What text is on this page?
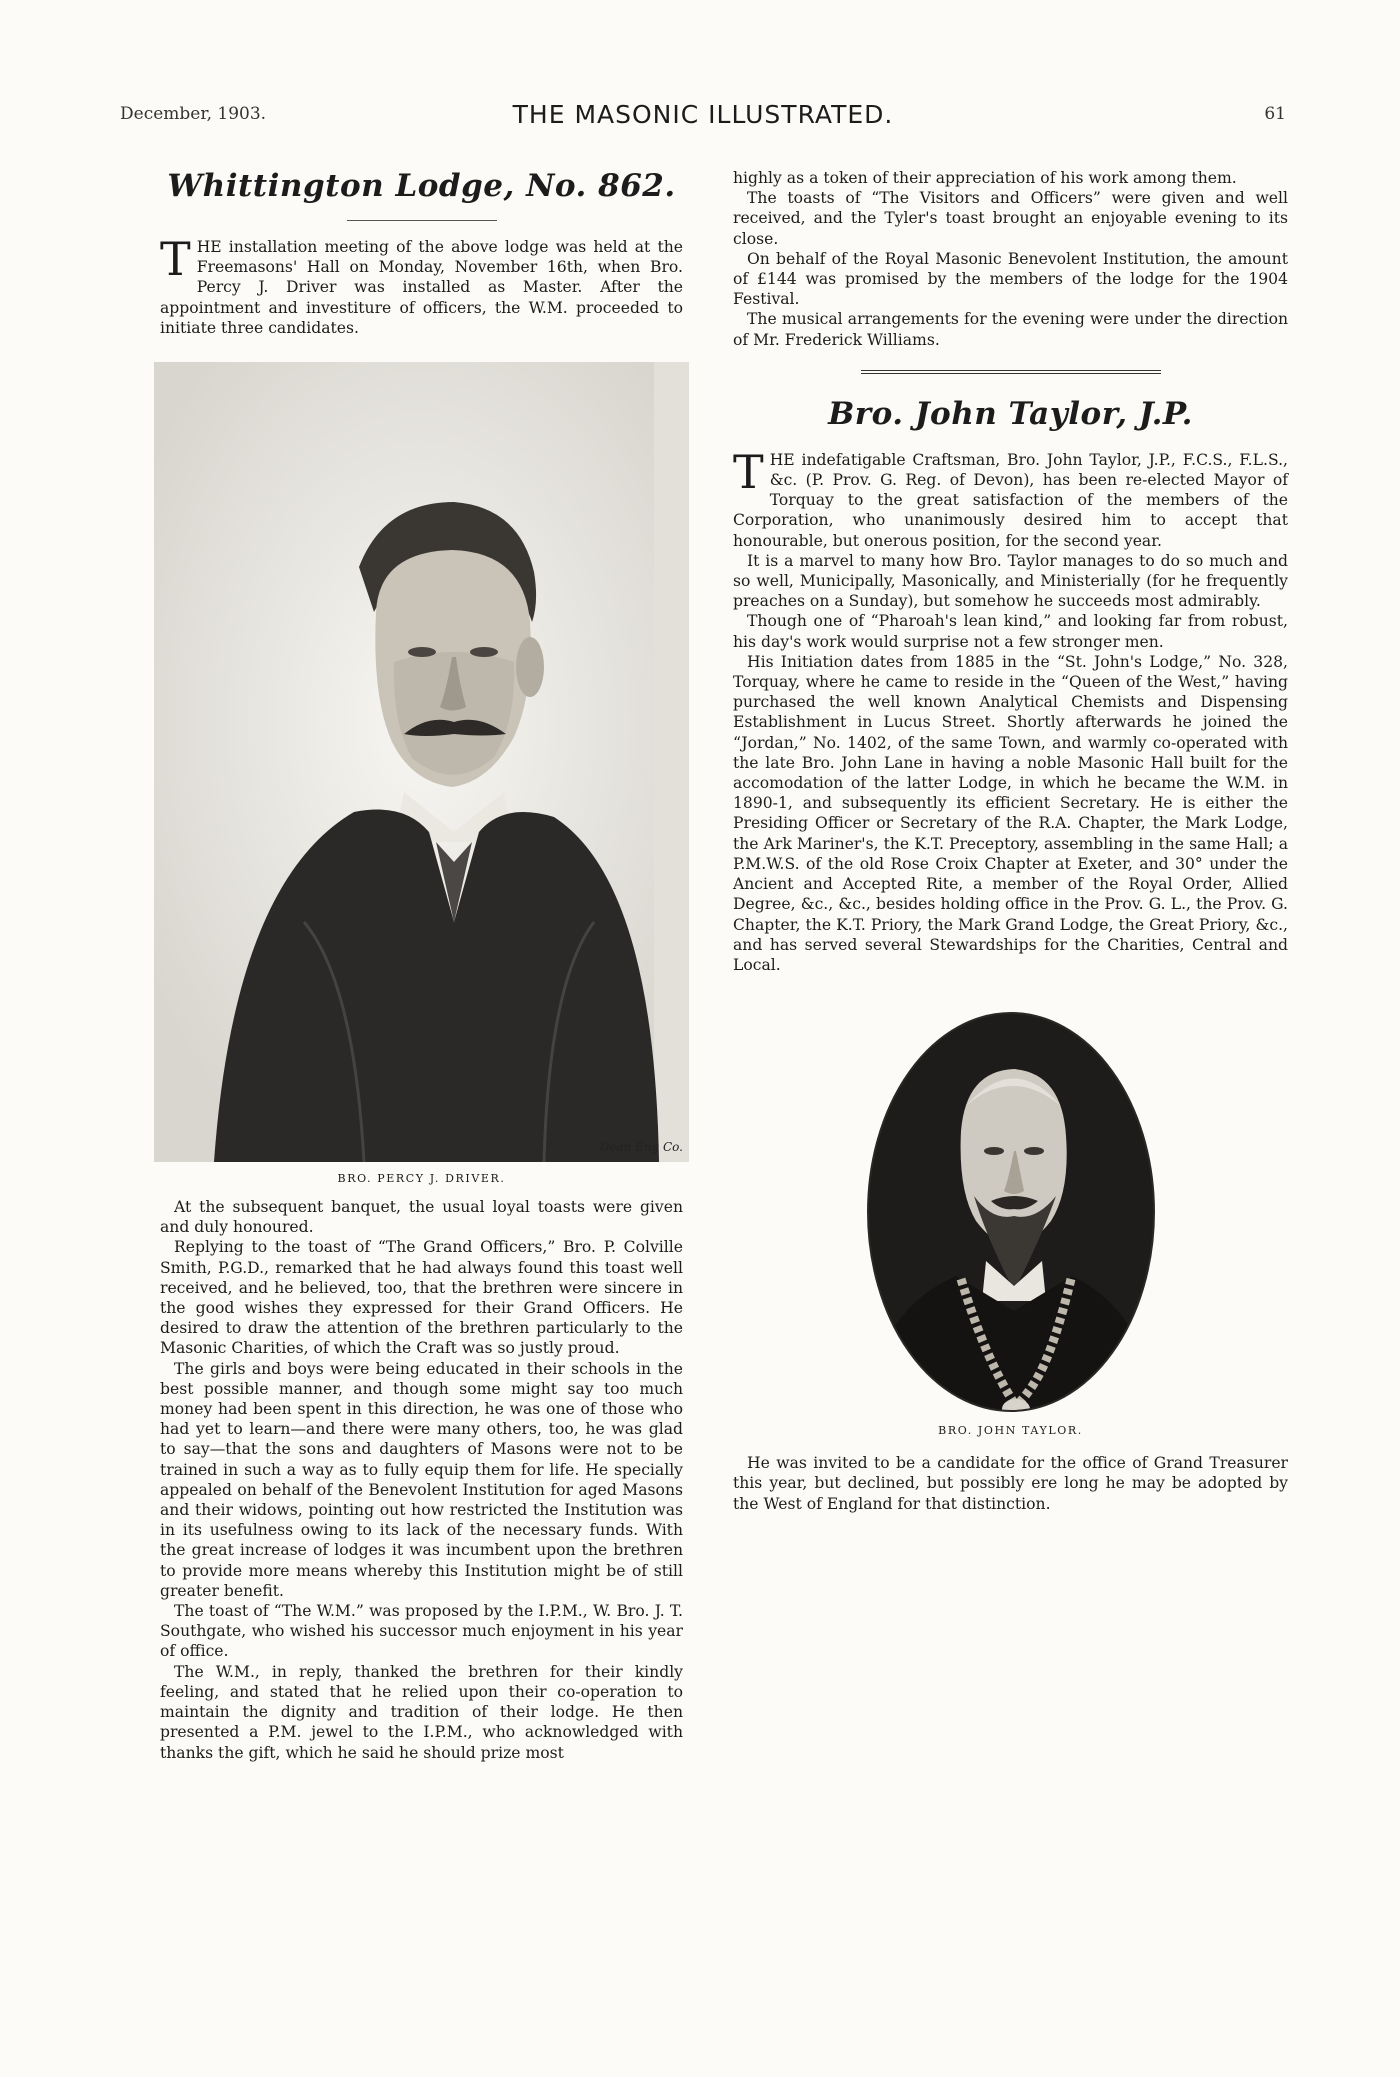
December, 1903.	THE MASONIC ILLUSTRATED.	61
Whittington Lodge, No. 862.

THE installation meeting of the above lodge was held at the Freemasons' Hall on Monday, November 16th, when Bro. Percy J. Driver was installed as Master. After the appointment and investiture of officers, the W.M. proceeded to initiate three candidates.

Dean Eng Co.
BRO. PERCY J. DRIVER.

At the subsequent banquet, the usual loyal toasts were given and duly honoured.

Replying to the toast of “The Grand Officers,” Bro. P. Colville Smith, P.G.D., remarked that he had always found this toast well received, and he believed, too, that the brethren were sincere in the good wishes they expressed for their Grand Officers. He desired to draw the attention of the brethren particularly to the Masonic Charities, of which the Craft was so justly proud.

The girls and boys were being educated in their schools in the best possible manner, and though some might say too much money had been spent in this direction, he was one of those who had yet to learn—and there were many others, too, he was glad to say—that the sons and daughters of Masons were not to be trained in such a way as to fully equip them for life. He specially appealed on behalf of the Benevolent Institution for aged Masons and their widows, pointing out how restricted the Institution was in its usefulness owing to its lack of the necessary funds. With the great increase of lodges it was incumbent upon the brethren to provide more means whereby this Institution might be of still greater benefit.

The toast of “The W.M.” was proposed by the I.P.M., W. Bro. J. T. Southgate, who wished his successor much enjoyment in his year of office.

The W.M., in reply, thanked the brethren for their kindly feeling, and stated that he relied upon their co-operation to maintain the dignity and tradition of their lodge. He then presented a P.M. jewel to the I.P.M., who acknowledged with thanks the gift, which he said he should prize most

highly as a token of their appreciation of his work among them.

The toasts of “The Visitors and Officers” were given and well received, and the Tyler's toast brought an enjoyable evening to its close.

On behalf of the Royal Masonic Benevolent Institution, the amount of £144 was promised by the members of the lodge for the 1904 Festival.

The musical arrangements for the evening were under the direction of Mr. Frederick Williams.

Bro. John Taylor, J.P.

THE indefatigable Craftsman, Bro. John Taylor, J.P., F.C.S., F.L.S., &c. (P. Prov. G. Reg. of Devon), has been re-elected Mayor of Torquay to the great satisfaction of the members of the Corporation, who unanimously desired him to accept that honourable, but onerous position, for the second year.

It is a marvel to many how Bro. Taylor manages to do so much and so well, Municipally, Masonically, and Ministerially (for he frequently preaches on a Sunday), but somehow he succeeds most admirably.

Though one of “Pharoah's lean kind,” and looking far from robust, his day's work would surprise not a few stronger men.

His Initiation dates from 1885 in the “St. John's Lodge,” No. 328, Torquay, where he came to reside in the “Queen of the West,” having purchased the well known Analytical Chemists and Dispensing Establishment in Lucus Street. Shortly afterwards he joined the “Jordan,” No. 1402, of the same Town, and warmly co-operated with the late Bro. John Lane in having a noble Masonic Hall built for the accomodation of the latter Lodge, in which he became the W.M. in 1890-1, and subsequently its efficient Secretary. He is either the Presiding Officer or Secretary of the R.A. Chapter, the Mark Lodge, the Ark Mariner's, the K.T. Preceptory, assembling in the same Hall; a P.M.W.S. of the old Rose Croix Chapter at Exeter, and 30° under the Ancient and Accepted Rite, a member of the Royal Order, Allied Degree, &c., &c., besides holding office in the Prov. G. L., the Prov. G. Chapter, the K.T. Priory, the Mark Grand Lodge, the Great Priory, &c., and has served several Stewardships for the Charities, Central and Local.

BRO. JOHN TAYLOR.

He was invited to be a candidate for the office of Grand Treasurer this year, but declined, but possibly ere long he may be adopted by the West of England for that distinction.
